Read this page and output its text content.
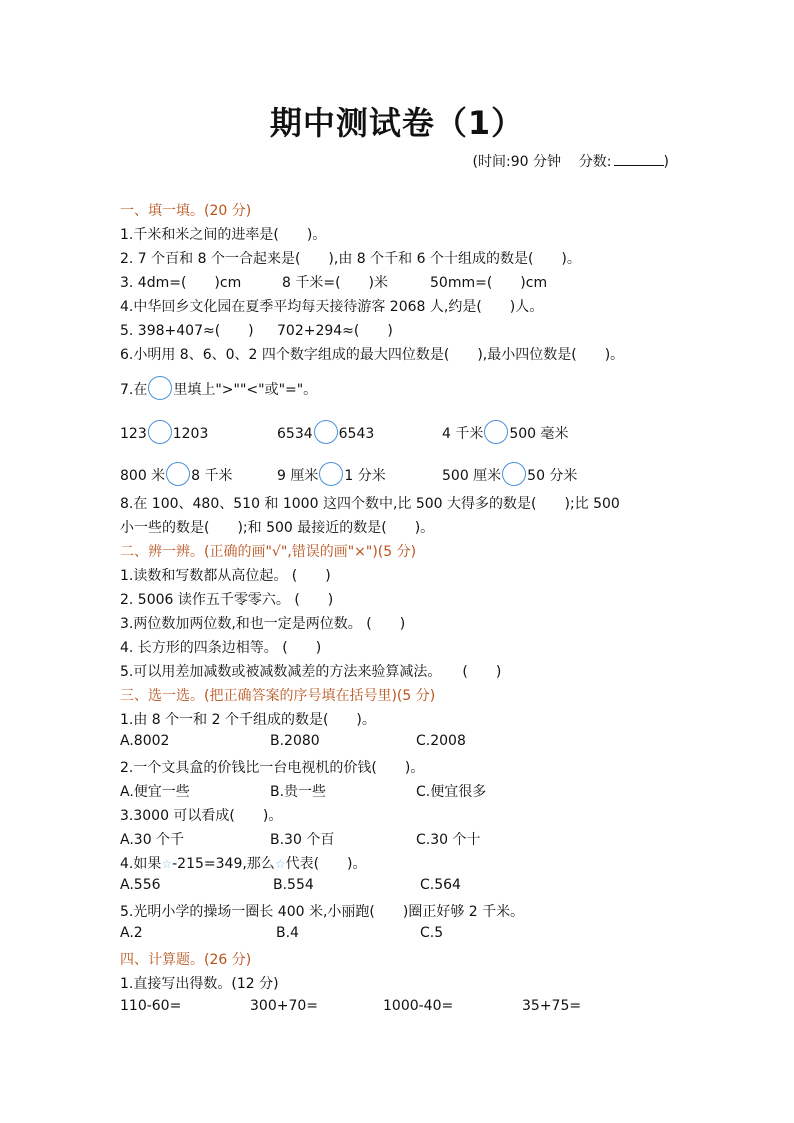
期中测试卷（1）
(时间:90 分钟 分数:	)
一、填一填。(20 分)
1.千米和米之间的进率是(　　)。
2. 7 个百和 8 个一合起来是(　　),由 8 个千和 6 个十组成的数是(　　)。
3. 4dm=(　　)cm	8 千米=(　　)米	50mm=(　　)cm
4.中华回乡文化园在夏季平均每天接待游客 2068 人,约是(　　)人。
5. 398+407≈(　　) 702+294≈(　　)
6.小明用 8、6、0、2 四个数字组成的最大四位数是(　　),最小四位数是(　　)。
7.在 里填上">""<"或"="。
123 1203	6534 6543	4 千米 500 毫米
800 米 8 千米	9 厘米 1 分米	500 厘米 50 分米
8.在 100、480、510 和 1000 这四个数中,比 500 大得多的数是(　　);比 500
小一些的数是(　　);和 500 最接近的数是(　　)。
二、辨一辨。(正确的画"√",错误的画"×")(5 分)
1.读数和写数都从高位起。 (　　)
2. 5006 读作五千零零六。 (　　)
3.两位数加两位数,和也一定是两位数。 (　　)
4. 长方形的四条边相等。 (　　)
5.可以用差加减数或被减数减差的方法来验算减法。　　(　　)
三、选一选。(把正确答案的序号填在括号里)(5 分)
1.由 8 个一和 2 个千组成的数是(　　)。
A.8002	B.2080	C.2008
2.一个文具盒的价钱比一台电视机的价钱(　　)。
A.便宜一些	B.贵一些	C.便宜很多
3.3000 可以看成(　　)。
A.30 个千	B.30 个百	C.30 个十
4.如果☆-215=349,那么☆代表(　　)。
A.556	B.554	C.564
5.光明小学的操场一圈长 400 米,小丽跑(　　)圈正好够 2 千米。
A.2	B.4	C.5
四、计算题。(26 分)
1.直接写出得数。(12 分)
110-60=	300+70=	1000-40=	35+75=
